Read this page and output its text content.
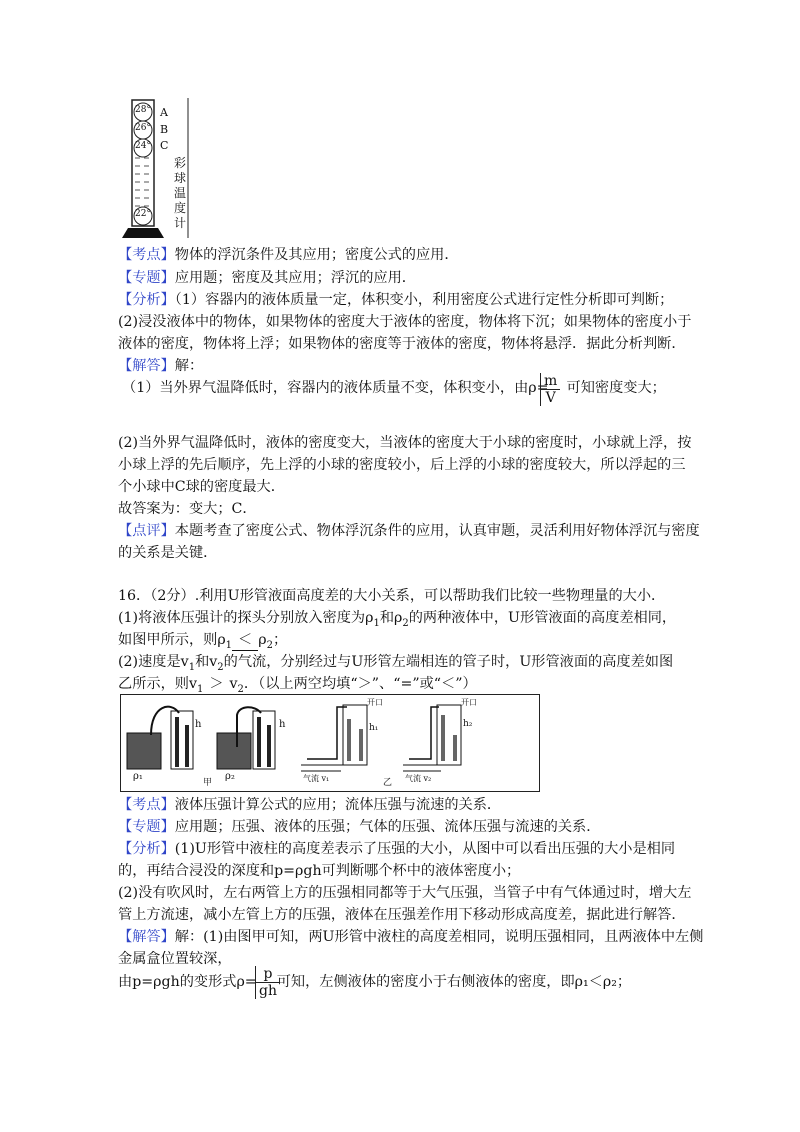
28°
26°
24°
22°
A
B
C
彩
球
温
度
计
【考点】物体的浮沉条件及其应用；密度公式的应用．
【专题】应用题；密度及其应用；浮沉的应用．
【分析】（1）容器内的液体质量一定，体积变小，利用密度公式进行定性分析即可判断；
(2)浸没液体中的物体，如果物体的密度大于液体的密度，物体将下沉；如果物体的密度小于
液体的密度，物体将上浮；如果物体的密度等于液体的密度，物体将悬浮．据此分析判断．
【解答】解：
（1）当外界气温降低时，容器内的液体质量不变，体积变小，由ρ= 可知密度变大；
$\frac{m}{V}$
(2)当外界气温降低时，液体的密度变大，当液体的密度大于小球的密度时，小球就上浮，按
小球上浮的先后顺序，先上浮的小球的密度较小，后上浮的小球的密度较大，所以浮起的三
个小球中C球的密度最大．
故答案为：变大；C．
【点评】本题考查了密度公式、物体浮沉条件的应用，认真审题，灵活利用好物体浮沉与密度
的关系是关键．
16．（2分）.利用U形管液面高度差的大小关系，可以帮助我们比较一些物理量的大小．
(1)将液体压强计的探头分别放入密度为$\rho_1$和$\rho_2$的两种液体中，U形管液面的高度差相同，
如图甲所示，则$\rho_1 < \rho_2$；
(2)速度是$v_1$和$v_2$的气流，分别经过与U形管左端相连的管子时，U形管液面的高度差如图
乙所示，则$v_1 > v_2$．（以上两空均填“＞”、“=”或“＜”）
ρ₁	ρ₂
h	h	h₁	h₂
开口	开口
气流 v₁	气流 v₂
甲	乙
【考点】液体压强计算公式的应用；流体压强与流速的关系．
【专题】应用题；压强、液体的压强；气体的压强、流体压强与流速的关系．
【分析】(1)U形管中液柱的高度差表示了压强的大小，从图中可以看出压强的大小是相同
的，再结合浸没的深度和p=ρgh可判断哪个杯中的液体密度小；
(2)没有吹风时，左右两管上方的压强相同都等于大气压强，当管子中有气体通过时，增大左
管上方流速，减小左管上方的压强，液体在压强差作用下移动形成高度差，据此进行解答．
【解答】解：(1)由图甲可知，两U形管中液柱的高度差相同，说明压强相同，且两液体中左侧
金属盒位置较深，
由p=ρgh的变形式ρ= 可知，左侧液体的密度小于右侧液体的密度，即ρ₁＜ρ₂；
$\frac{p}{gh}$
